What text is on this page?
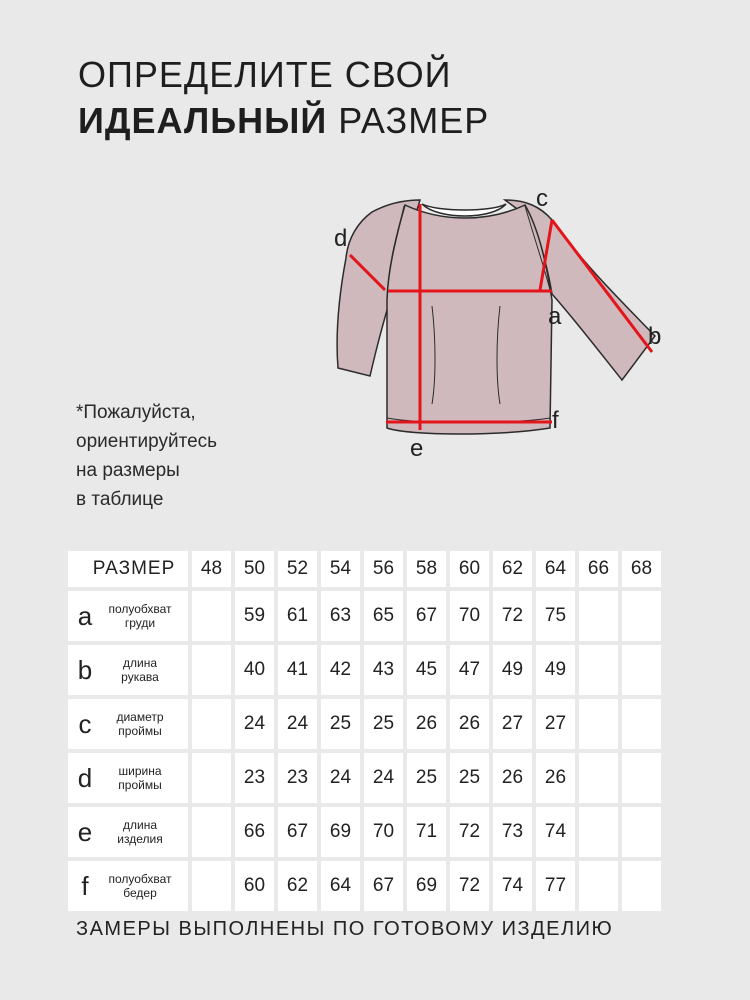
ОПРЕДЕЛИТЕ СВОЙ
ИДЕАЛЬНЫЙ РАЗМЕР
a
b
c
d
e
f
*Пожалуйста,
ориентируйтесь
на размеры
в таблице
РАЗМЕР	48	50	52	54	56	58	60	62	64	66	68
a полуобхват
груди		59	61	63	65	67	70	72	75		
b длина
рукава		40	41	42	43	45	47	49	49		
c диаметр
проймы		24	24	25	25	26	26	27	27		
d ширина
проймы		23	23	24	24	25	25	26	26		
e длина
изделия		66	67	69	70	71	72	73	74		
f полуобхват
бедер		60	62	64	67	69	72	74	77		
ЗАМЕРЫ ВЫПОЛНЕНЫ ПО ГОТОВОМУ ИЗДЕЛИЮ
